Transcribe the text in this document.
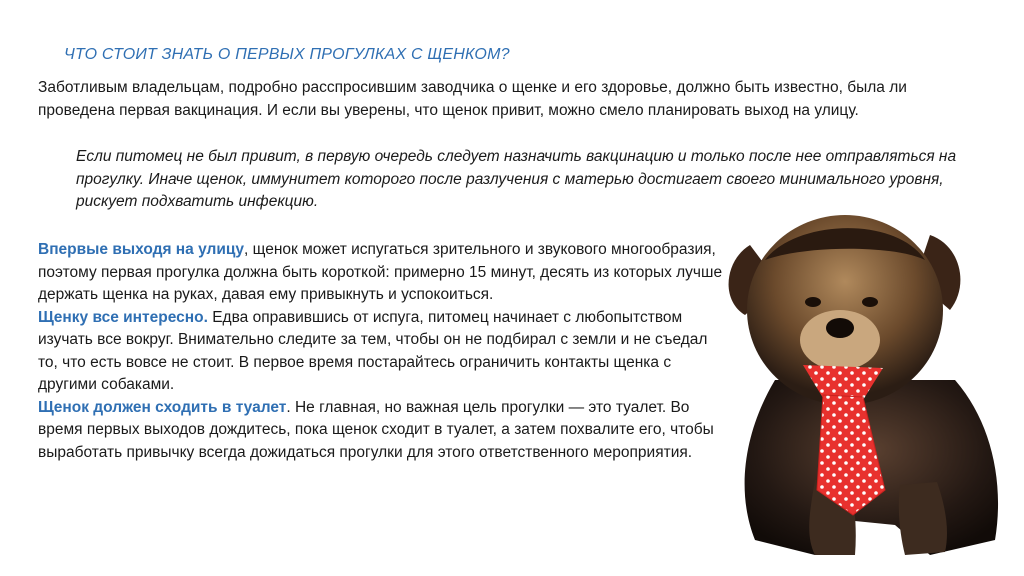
ЧТО СТОИТ ЗНАТЬ О ПЕРВЫХ ПРОГУЛКАХ С ЩЕНКОМ?
Заботливым владельцам, подробно расспросившим заводчика о щенке и его здоровье, должно быть известно, была ли проведена первая вакцинация. И если вы уверены, что щенок привит, можно смело планировать выход на улицу.
Если питомец не был привит, в первую очередь следует назначить вакцинацию и только после нее отправляться на прогулку. Иначе щенок, иммунитет которого после разлучения с матерью достигает своего минимального уровня, рискует подхватить инфекцию.

Впервые выходя на улицу, щенок может испугаться зрительного и звукового многообразия, поэтому первая прогулка должна быть короткой: примерно 15 минут, десять из которых лучше держать щенка на руках, давая ему привыкнуть и успокоиться.

Щенку все интересно. Едва оправившись от испуга, питомец начинает с любопытством изучать все вокруг. Внимательно следите за тем, чтобы он не подбирал с земли и не съедал то, что есть вовсе не стоит. В первое время постарайтесь ограничить контакты щенка с другими собаками.

Щенок должен сходить в туалет. Не главная, но важная цель прогулки — это туалет. Во время первых выходов дождитесь, пока щенок сходит в туалет, а затем похвалите его, чтобы выработать привычку всегда дожидаться прогулки для этого ответственного мероприятия.
